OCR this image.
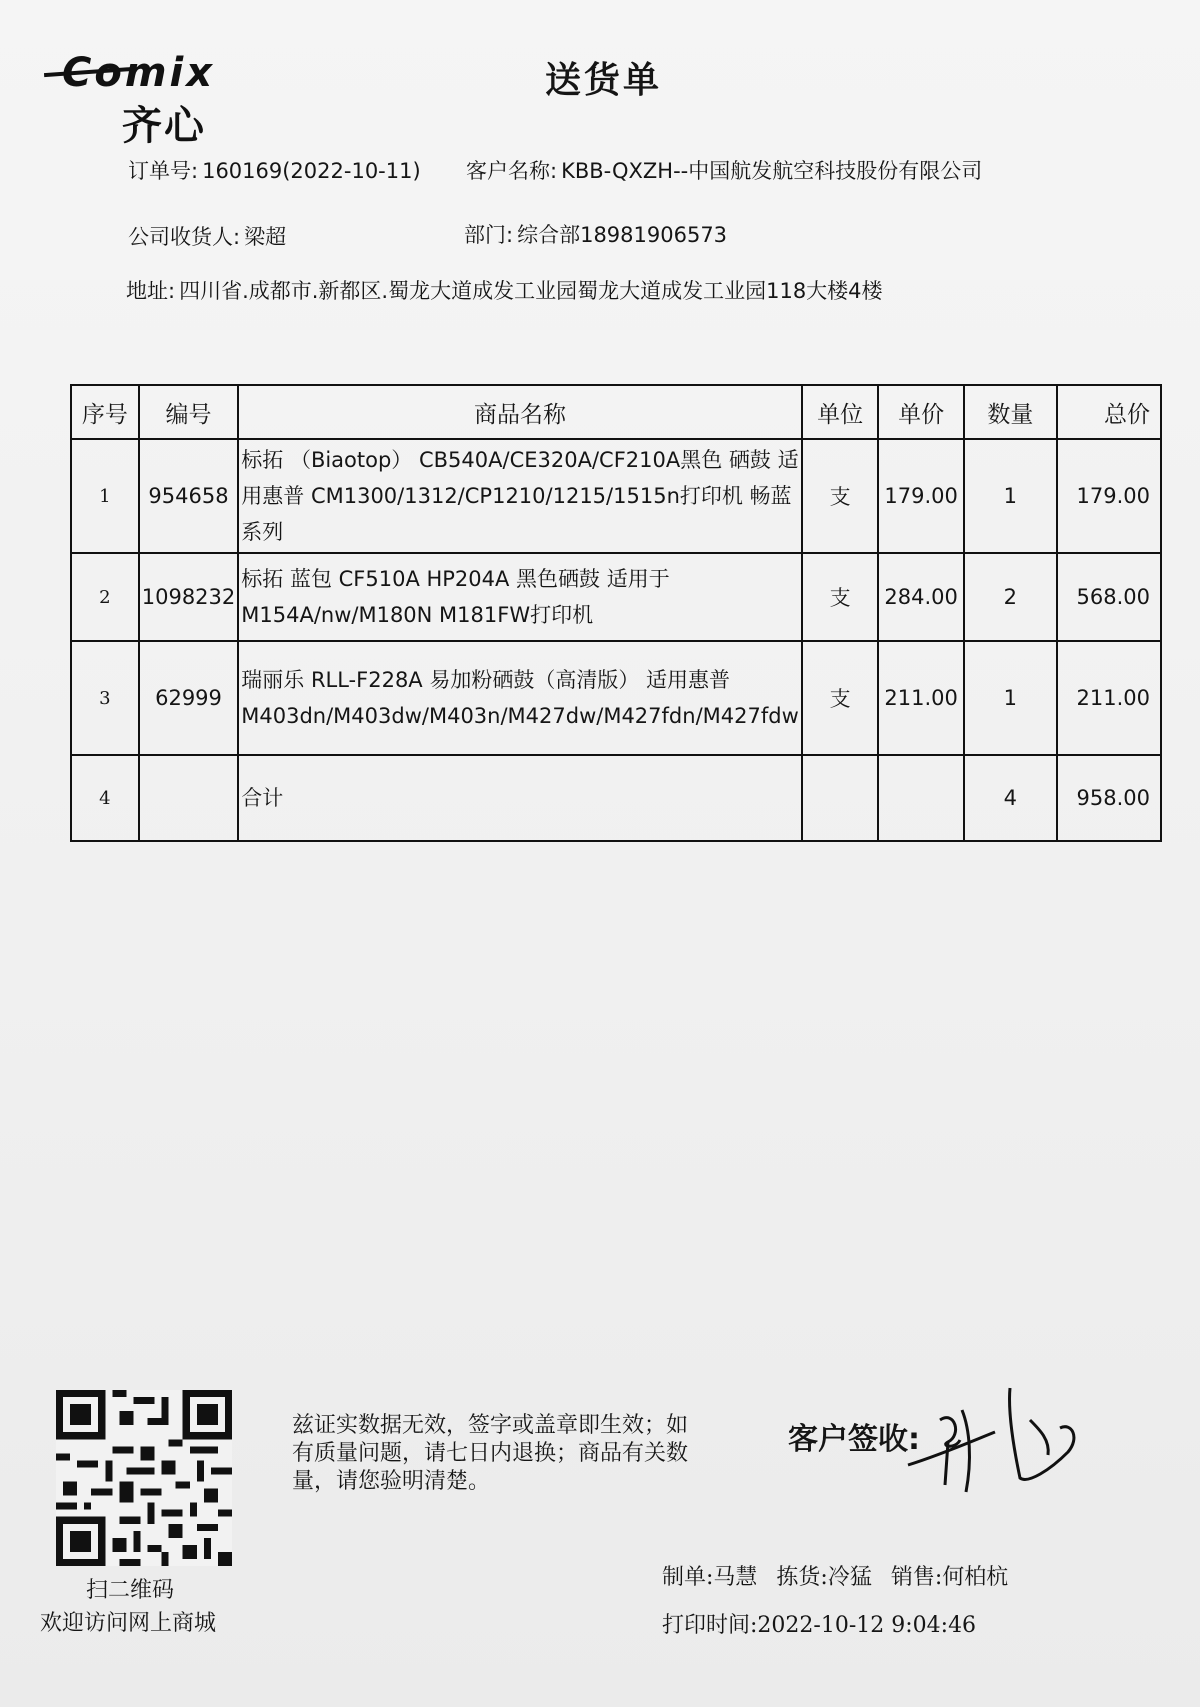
Comix
齐心
送货单
订单号: 160169(2022-10-11) 客户名称: KBB-QXZH--中国航发航空科技股份有限公司
公司收货人: 梁超	部门: 综合部18981906573
地址: 四川省.成都市.新都区.蜀龙大道成发工业园蜀龙大道成发工业园118大楼4楼
序号	编号	商品名称	单位	单价	数量	总价
1	954658	标拓 （Biaotop） CB540A/CE320A/CF210A黑色 硒鼓 适用惠普 CM1300/1312/CP1210/1215/1515n打印机 畅蓝系列	支	179.00	1	179.00
2	1098232	标拓 蓝包 CF510A HP204A 黑色硒鼓 适用于M154A/nw/M180N M181FW打印机	支	284.00	2	568.00
3	62999	瑞丽乐 RLL-F228A 易加粉硒鼓（高清版） 适用惠普M403dn/M403dw/M403n/M427dw/M427fdn/M427fdw	支	211.00	1	211.00
4		合计			4	958.00
扫二维码
欢迎访问网上商城
兹证实数据无效，签字或盖章即生效；如有质量问题，请七日内退换；商品有关数量，请您验明清楚。
客户签收:
制单:马慧 拣货:冷猛 销售:何柏杭
打印时间:2022-10-12 9:04:46
